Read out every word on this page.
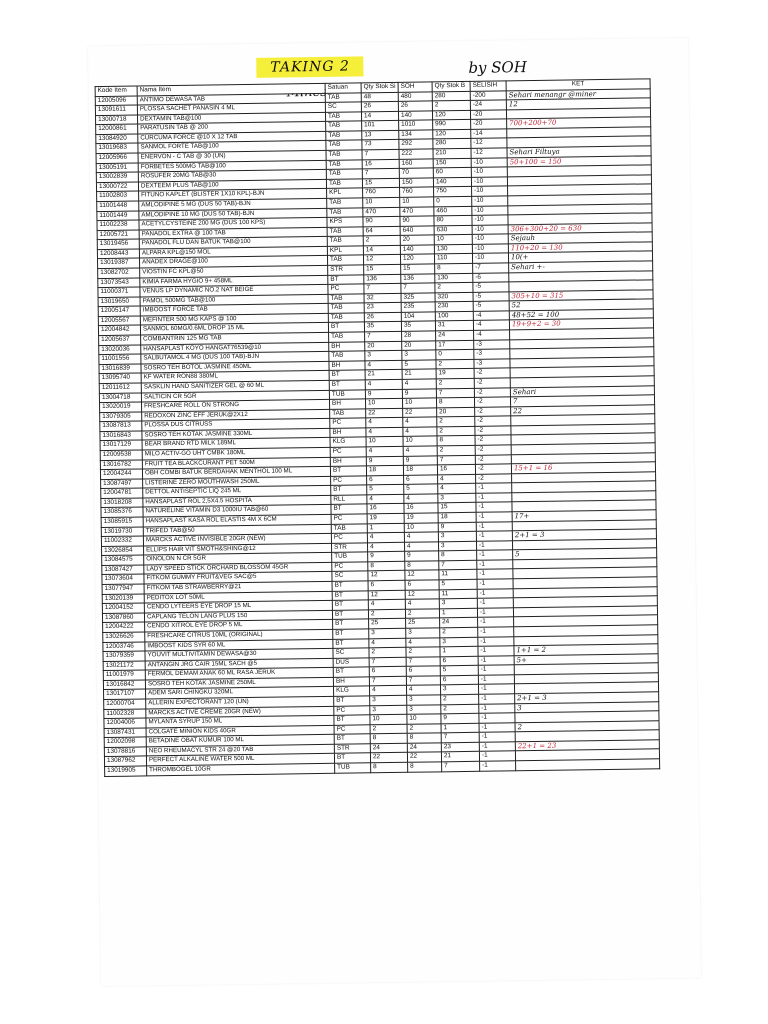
TAKING 2	by SOH
Kode Item	Nama Item	Satuan	Qty Stok Si	SOH	Qty Stok B	SELISIH	KET
12005096	ANTIMO DEWASA TAB	TAB	48	480	280	-200	Sehari menangr @miner
13091611	PLOSSA SACHET PANASIN 4 ML	SC	26	26	2	-24	12
13000718	DEXTAMIN TAB@100	TAB	14	140	120	-20	
12000861	PARATUSIN TAB @ 200	TAB	101	1010	990	-20	700+200+70
13084920	CURCUMA FORCE @10 X 12 TAB	TAB	13	134	120	-14	
13019683	SANMOL FORTE TAB@100	TAB	73	292	280	-12	
12005966	ENERVON - C TAB @ 30 (UN)	TAB	7	222	210	-12	Sehari Filtuya
13005191	FORBETES 500MG TAB@100	TAB	16	160	150	-10	50+100 = 150
13002839	ROSUFER 20MG TAB@30	TAB	7	70	60	-10	
13000722	DEXTEEM PLUS TAB@100	TAB	15	150	140	-10	
11002803	FITUNO KAPLET (BLISTER 1X10 KPL)-BJN	KPL	760	760	750	-10	
11001448	AMLODIPINE 5 MG (DUS 50 TAB)-BJN	TAB	10	10	0	-10	
11001449	AMLODIPINE 10 MG (DUS 50 TAB)-BJN	TAB	470	470	460	-10	
11002238	ACETYLCYSTEINE 200 MG (DUS 100 KPS)	KPS	90	90	80	-10	
12005721	PANADOL EXTRA @ 100 TAB	TAB	64	640	630	-10	306+300+20 = 630
13019456	PANADOL FLU DAN BATUK TAB@100	TAB	2	20	10	-10	Sejauh
12008443	ALPARA KPL@150 MOL	KPL	14	140	130	-10	110+20 = 130
13019387	ANADEX DRAGE@100	TAB	12	120	110	-10	10(+
13082702	VIOSTIN FC KPL@50	STR	15	15	8	-7	Sehari +-
13073543	KIMIA FARMA HYGIO 9+ 458ML	BT	136	136	130	-6	
11000371	VENUS LP DYNAMIC NO.2 NAT BEIGE	PC	7	7	2	-5	
13019650	PAMOL 500MG TAB@100	TAB	32	325	320	-5	305+10 = 315
12005147	IMBOOST FORCE TAB	TAB	23	235	230	-5	52
12005567	MEFINTER 500 MG KAPS @ 100	TAB	26	104	100	-4	48+52 = 100
12004842	SANMOL 60MG/0.6ML DROP 15 ML	BT	35	35	31	-4	19+9+2 = 30
12005637	COMBANTRIN 125 MG TAB	TAB	7	28	24	-4	
13020036	HANSAPLAST KOYO HANGAT76539@10	BH	20	20	17	-3	
11001556	SALBUTAMOL 4 MG (DUS 100 TAB)-BJN	TAB	3	3	0	-3	
13016839	SOSRO TEH BOTOL JASMINE 450ML	BH	4	5	2	-3	
13095740	KF WATER RON88 380ML	BT	21	21	19	-2	
12011612	SASKLIN HAND SANITIZER GEL @ 60 ML	BT	4	4	2	-2	
13004718	SALTICIN CR 5GR	TUB	9	9	7	-2	Sehari
13020019	FRESHCARE ROLL ON STRONG	BH	10	10	8	-2	7
13079305	REDOXON ZINC EFF JERUK@2X12	TAB	22	22	20	-2	22
13087813	PLOSSA DUS CITRUSS	PC	4	4	2	-2	
13016843	SOSRO TEH KOTAK JASMINE 330ML	BH	4	4	2	-2	
13017129	BEAR BRAND RTD MILK 189ML	KLG	10	10	8	-2	
12009538	MILO ACTIV-GO UHT CMBK 180ML	PC	4	4	2	-2	
13016782	FRUIT TEA BLACKCURANT PET 500M	BH	9	9	7	-2	
12004244	OBH COMBI BATUK BERDAHAK MENTHOL 100 ML	BT	18	18	16	-2	15+1 = 16
13087497	LISTERINE ZERO MOUTHWASH 250ML	PC	6	6	4	-2	
12004781	DETTOL ANTISEPTIC LIQ 245 ML	BT	5	5	4	-1	
13018208	HANSAPLAST ROL 2,5X4.5 HOSPITA	RLL	4	4	3	-1	
13085376	NATURELINE VITAMIN D3 1000IU TAB@60	BT	16	16	15	-1	
13085915	HANSAPLAST KASA ROL ELASTIS 4M X 6CM	PC	19	19	18	-1	17+
13019730	TRIFED TAB@50	TAB	1	10	9	-1	
11002332	MARCKS ACTIVE INVISIBLE 20GR (NEW)	PC	4	4	3	-1	2+1 = 3
13026854	ELLIPS HAIR VIT SMOTH&SHING@12	STR	4	4	3	-1	
13084575	OINOLON N CR 5GR	TUB	9	9	8	-1	5
13087427	LADY SPEED STICK ORCHARD BLOSSOM 45GR	PC	8	8	7	-1	
13073604	FITKOM GUMMY FRUIT&VEG SAC@5	SC	12	12	11	-1	
13077947	FITKOM TAB STRAWBERRY@21	BT	6	6	5	-1	
13020139	PEDITOX LOT 50ML	BT	12	12	11	-1	
12004152	CENDO LYTEERS EYE DROP 15 ML	BT	4	4	3	-1	
13087860	CAPLANG TELON LANG PLUS 150	BT	2	2	1	-1	
12004222	CENDO XITROL EYE DROP 5 ML	BT	25	25	24	-1	
13026626	FRESHCARE CITRUS 10ML (ORIGINAL)	BT	3	3	2	-1	
12003746	IMBOOST KIDS SYR 60 ML	BT	4	4	3	-1	
13079359	YOUVIT MULTIVITAMIN DEWASA@30	SC	2	2	1	-1	1+1 = 2
13021172	ANTANGIN JRG CAIR 15ML SACH @5	DUS	7	7	6	-1	5+
11001979	FERMOL DEMAM ANAK 60 ML RASA JERUK	BT	6	6	5	-1	
13016842	SOSRO TEH KOTAK JASMINE 250ML	BH	7	7	6	-1	
13017107	ADEM SARI CHINGKU 320ML	KLG	4	4	3	-1	
12000704	ALLERIN EXPECTORANT 120 (UN)	BT	3	3	2	-1	2+1 = 3
11002328	MARCKS ACTIVE CREME 20GR (NEW)	PC	3	3	2	-1	3
12004006	MYLANTA SYRUP 150 ML	BT	10	10	9	-1	
13087431	COLGATE MINION KIDS 40GR	PC	2	2	1	-1	2
12002098	BETADINE OBAT KUMUR 100 ML	BT	8	8	7	-1	
13078816	NEO RHEUMACYL STR 24 @20 TAB	STR	24	24	23	-1	22+1 = 23
13087962	PERFECT ALKALINE WATER 500 ML	BT	22	22	21	-1	
13019905	THROMBOGEL 10GR	TUB	8	8	7	-1	
